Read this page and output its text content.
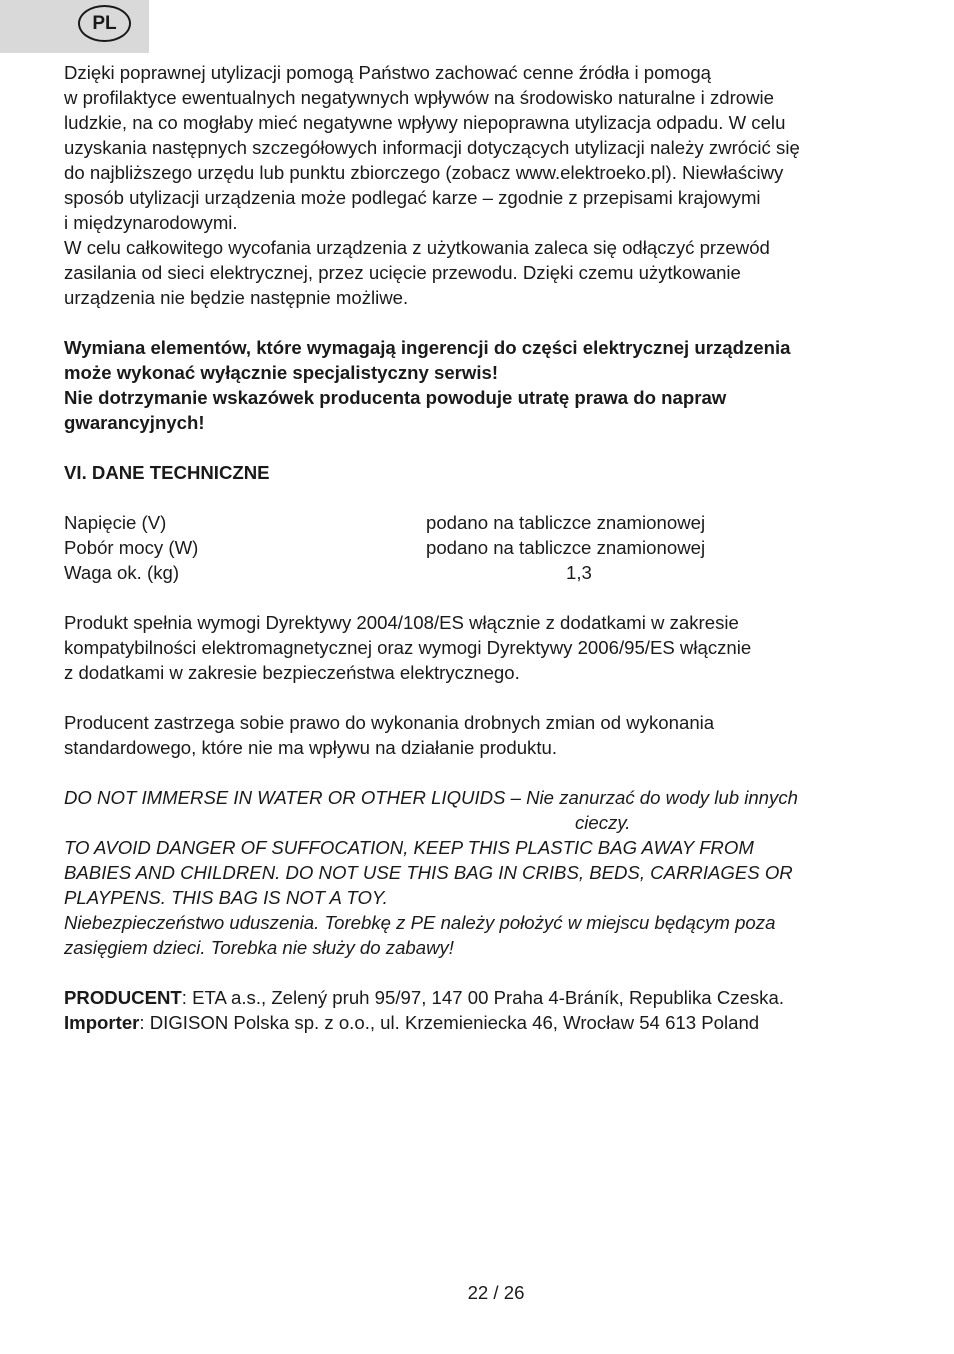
PL

Dzięki poprawnej utylizacji pomogą Państwo zachować cenne źródła i pomogą

w profilaktyce ewentualnych negatywnych wpływów na środowisko naturalne i zdrowie

ludzkie, na co mogłaby mieć negatywne wpływy niepoprawna utylizacja odpadu. W celu

uzyskania następnych szczegółowych informacji dotyczących utylizacji należy zwrócić się

do najbliższego urzędu lub punktu zbiorczego (zobacz www.elektroeko.pl). Niewłaściwy

sposób utylizacji urządzenia może podlegać karze – zgodnie z przepisami krajowymi

i międzynarodowymi.

W celu całkowitego wycofania urządzenia z użytkowania zaleca się odłączyć przewód

zasilania od sieci elektrycznej, przez ucięcie przewodu. Dzięki czemu użytkowanie

urządzenia nie będzie następnie możliwe.

Wymiana elementów, które wymagają ingerencji do części elektrycznej urządzenia

może wykonać wyłącznie specjalistyczny serwis!

Nie dotrzymanie wskazówek producenta powoduje utratę prawa do napraw

gwarancyjnych!

VI. DANE TECHNICZNE

Napięcie (V)	podano na tabliczce znamionowej
Pobór mocy (W)	podano na tabliczce znamionowej
Waga ok. (kg)	1,3

Produkt spełnia wymogi Dyrektywy 2004/108/ES włącznie z dodatkami w zakresie

kompatybilności elektromagnetycznej oraz wymogi Dyrektywy 2006/95/ES włącznie

z dodatkami w zakresie bezpieczeństwa elektrycznego.

Producent zastrzega sobie prawo do wykonania drobnych zmian od wykonania

standardowego, które nie ma wpływu na działanie produktu.

DO NOT IMMERSE IN WATER OR OTHER LIQUIDS – Nie zanurzać do wody lub innych

cieczy.

TO AVOID DANGER OF SUFFOCATION, KEEP THIS PLASTIC BAG AWAY FROM

BABIES AND CHILDREN. DO NOT USE THIS BAG IN CRIBS, BEDS, CARRIAGES OR

PLAYPENS. THIS BAG IS NOT A TOY.

Niebezpieczeństwo uduszenia. Torebkę z PE należy położyć w miejscu będącym poza

zasięgiem dzieci. Torebka nie służy do zabawy!

PRODUCENT: ETA a.s., Zelený pruh 95/97, 147 00 Praha 4-Bráník, Republika Czeska.

Importer: DIGISON Polska sp. z o.o., ul. Krzemieniecka 46, Wrocław 54 613 Poland

22 / 26
